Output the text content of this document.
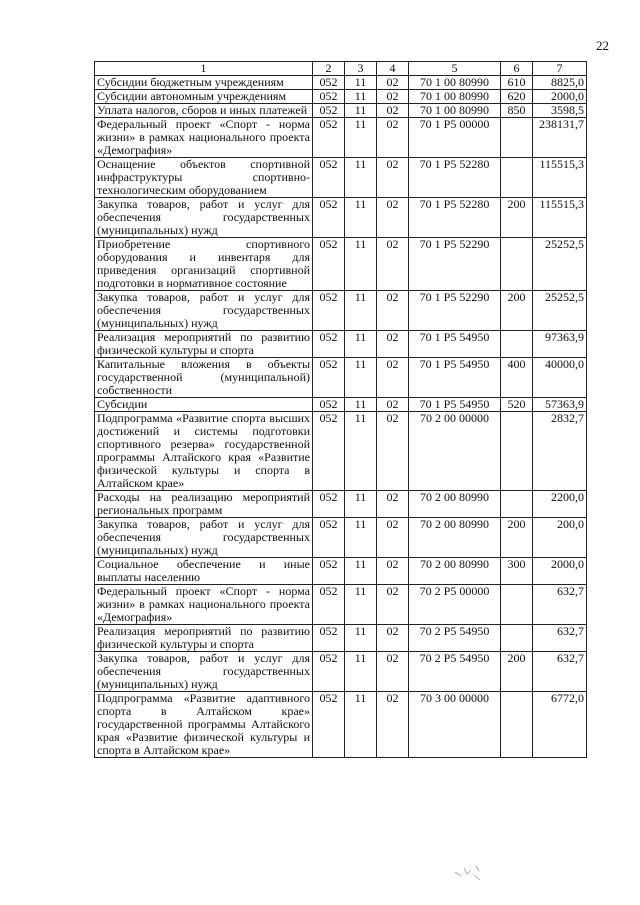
22
1	2	3	4	5	6	7
Субсидии бюджетным учреждениям	052	11	02	70 1 00 80990	610	8825,0
Субсидии автономным учреждениям	052	11	02	70 1 00 80990	620	2000,0
Уплата налогов, сборов и иных платежей	052	11	02	70 1 00 80990	850	3598,5
Федеральный проект «Спорт - норма жизни» в рамках национального проекта «Демография»	052	11	02	70 1 P5 00000		238131,7
Оснащение объектов спортивной инфраструктуры спортивно-технологическим оборудованием	052	11	02	70 1 P5 52280		115515,3
Закупка товаров, работ и услуг для обеспечения государственных (муниципальных) нужд	052	11	02	70 1 P5 52280	200	115515,3
Приобретение спортивного оборудования и инвентаря для приведения организаций спортивной подготовки в нормативное состояние	052	11	02	70 1 P5 52290		25252,5
Закупка товаров, работ и услуг для обеспечения государственных (муниципальных) нужд	052	11	02	70 1 P5 52290	200	25252,5
Реализация мероприятий по развитию физической культуры и спорта	052	11	02	70 1 P5 54950		97363,9
Капитальные вложения в объекты государственной (муниципальной) собственности	052	11	02	70 1 P5 54950	400	40000,0
Субсидии	052	11	02	70 1 P5 54950	520	57363,9
Подпрограмма «Развитие спорта высших достижений и системы подготовки спортивного резерва» государственной программы Алтайского края «Развитие физической культуры и спорта в Алтайском крае»	052	11	02	70 2 00 00000		2832,7
Расходы на реализацию мероприятий региональных программ	052	11	02	70 2 00 80990		2200,0
Закупка товаров, работ и услуг для обеспечения государственных (муниципальных) нужд	052	11	02	70 2 00 80990	200	200,0
Социальное обеспечение и иные выплаты населению	052	11	02	70 2 00 80990	300	2000,0
Федеральный проект «Спорт - норма жизни» в рамках национального проекта «Демография»	052	11	02	70 2 P5 00000		632,7
Реализация мероприятий по развитию физической культуры и спорта	052	11	02	70 2 P5 54950		632,7
Закупка товаров, работ и услуг для обеспечения государственных (муниципальных) нужд	052	11	02	70 2 P5 54950	200	632,7
Подпрограмма «Развитие адаптивного спорта в Алтайском крае» государственной программы Алтайского края «Развитие физической культуры и спорта в Алтайском крае»	052	11	02	70 3 00 00000		6772,0
